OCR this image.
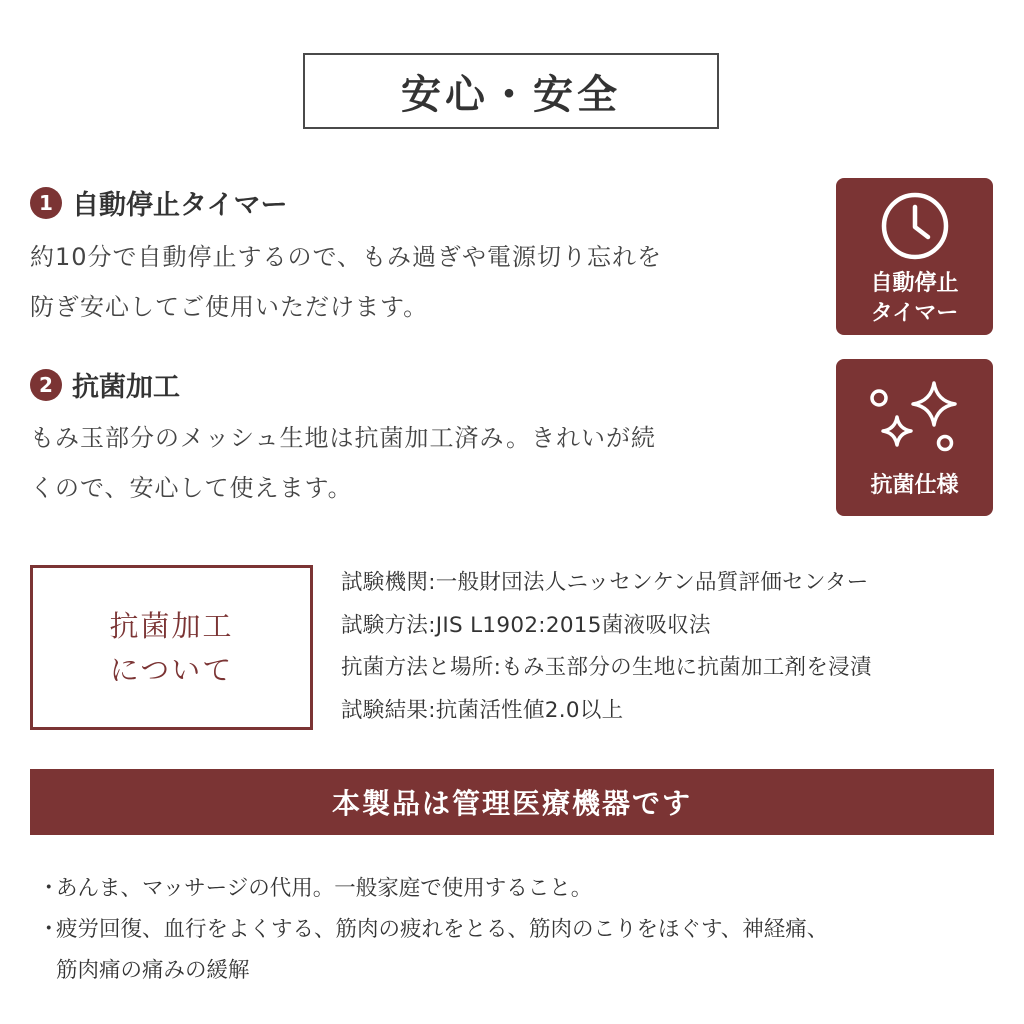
安心・安全
1 自動停止タイマー
約10分で自動停止するので、もみ過ぎや電源切り忘れを
防ぎ安心してご使用いただけます。
自動停止
タイマー
2 抗菌加工
もみ玉部分のメッシュ生地は抗菌加工済み。きれいが続
くので、安心して使えます。	抗菌仕様
抗菌加工
について
試験機関:一般財団法人ニッセンケン品質評価センター
試験方法:JIS L1902:2015菌液吸収法
抗菌方法と場所:もみ玉部分の生地に抗菌加工剤を浸漬
試験結果:抗菌活性値2.0以上
本製品は管理医療機器です
・
あんま、マッサージの代用。一般家庭で使用すること。
・
疲労回復、血行をよくする、筋肉の疲れをとる、筋肉のこりをほぐす、神経痛、
筋肉痛の痛みの緩解
